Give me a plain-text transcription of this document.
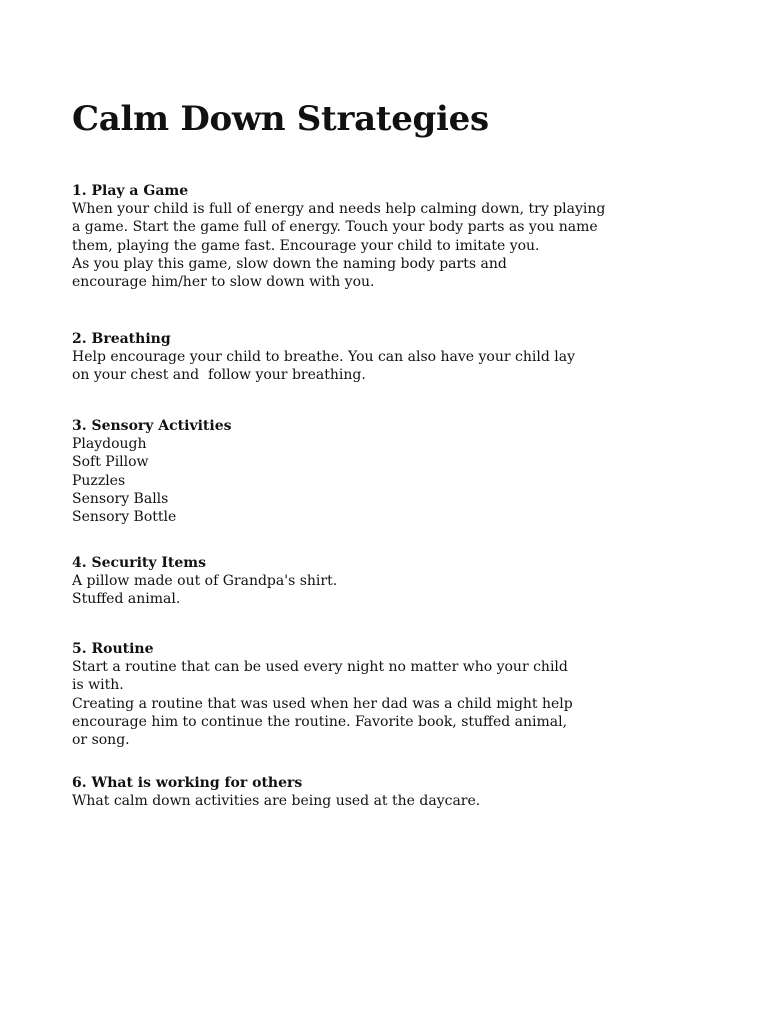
Calm Down Strategies

1. Play a Game

When your child is full of energy and needs help calming down, try playing

a game. Start the game full of energy. Touch your body parts as you name

them, playing the game fast. Encourage your child to imitate you.

As you play this game, slow down the naming body parts and

encourage him/her to slow down with you.

2. Breathing

Help encourage your child to breathe. You can also have your child lay

on your chest and  follow your breathing.

3. Sensory Activities

Playdough

Soft Pillow

Puzzles

Sensory Balls

Sensory Bottle

4. Security Items

A pillow made out of Grandpa's shirt.

Stuffed animal.

5. Routine

Start a routine that can be used every night no matter who your child

is with.

Creating a routine that was used when her dad was a child might help

encourage him to continue the routine. Favorite book, stuffed animal,

or song.

6. What is working for others

What calm down activities are being used at the daycare.
